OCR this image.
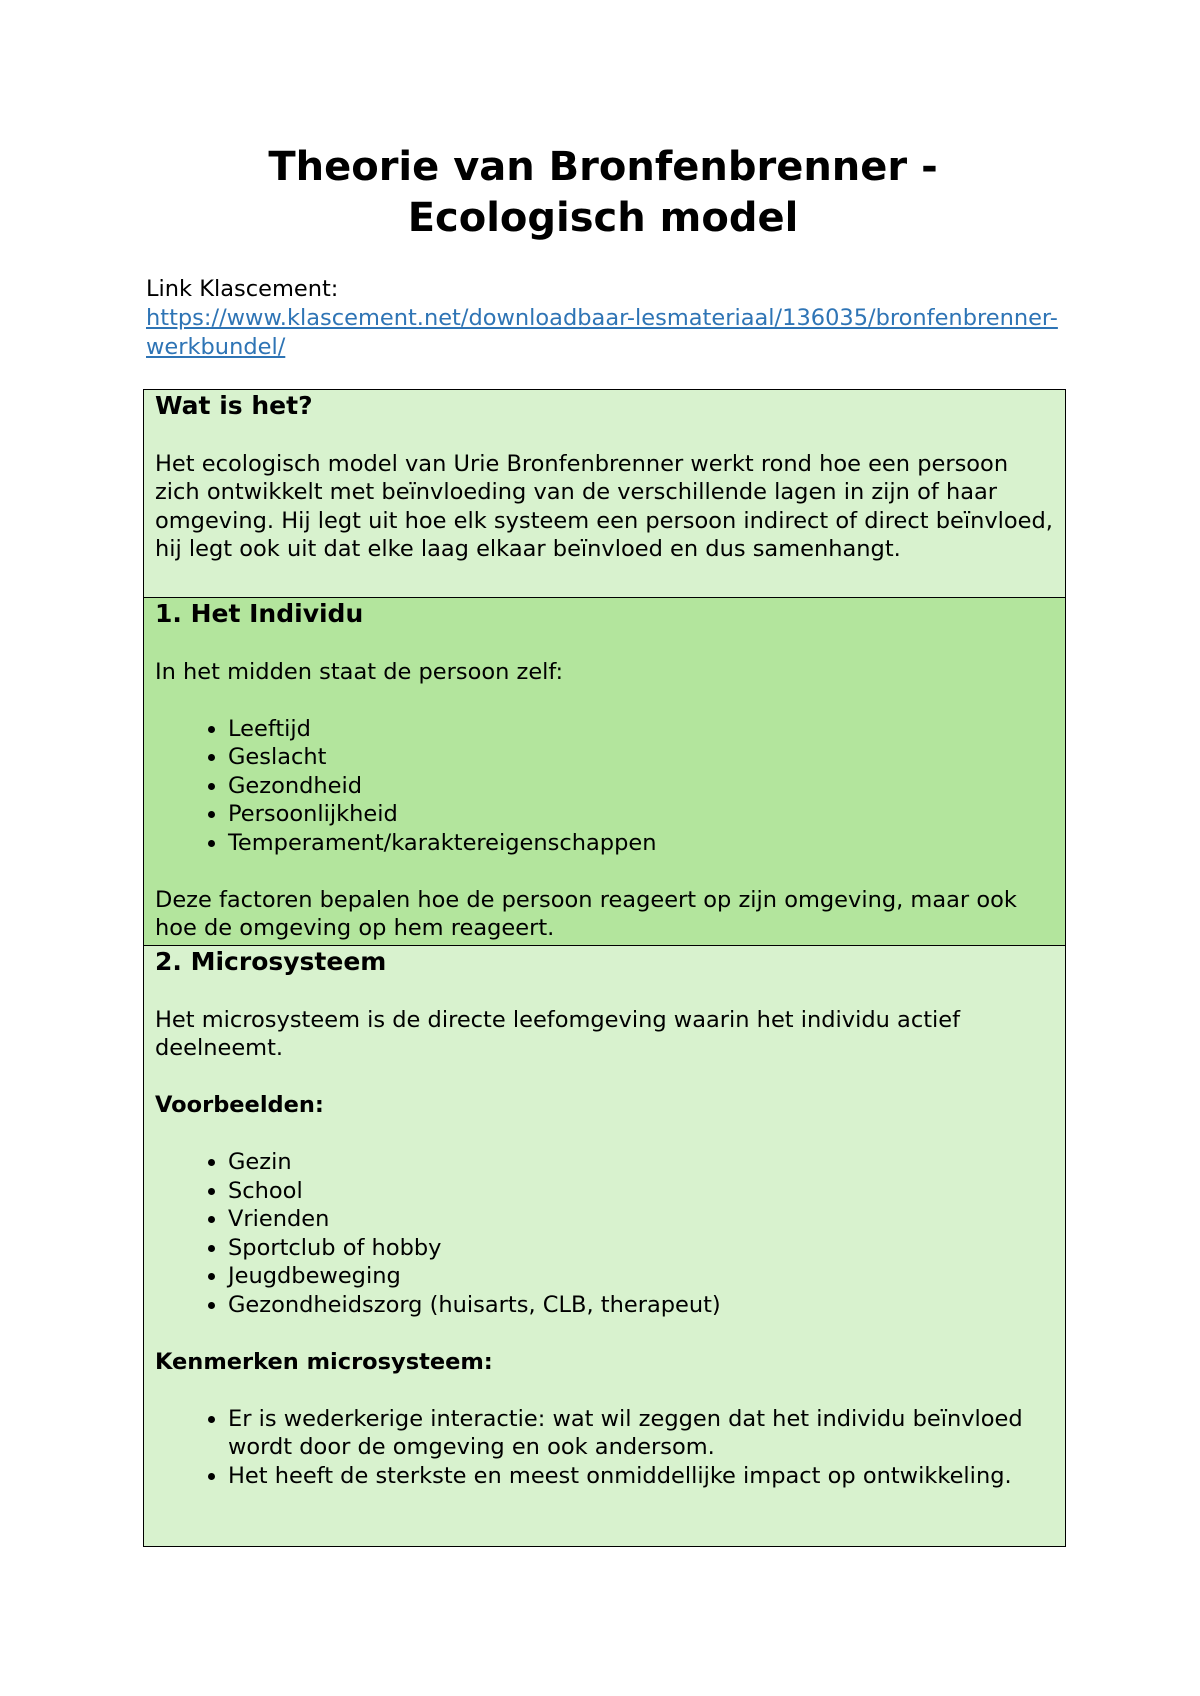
Theorie van Bronfenbrenner - Ecologisch model
Link Klascement:
https://www.klascement.net/downloadbaar-lesmateriaal/136035/bronfenbrenner-werkbundel/

Wat is het?

Het ecologisch model van Urie Bronfenbrenner werkt rond hoe een persoon zich ontwikkelt met beïnvloeding van de verschillende lagen in zijn of haar omgeving. Hij legt uit hoe elk systeem een persoon indirect of direct beïnvloed, hij legt ook uit dat elke laag elkaar beïnvloed en dus samenhangt.

1. Het Individu

In het midden staat de persoon zelf:

• Leeftijd
• Geslacht
• Gezondheid
• Persoonlijkheid
• Temperament/karaktereigenschappen

Deze factoren bepalen hoe de persoon reageert op zijn omgeving, maar ook hoe de omgeving op hem reageert.

2. Microsysteem

Het microsysteem is de directe leefomgeving waarin het individu actief deelneemt.

Voorbeelden:

• Gezin
• School
• Vrienden
• Sportclub of hobby
• Jeugdbeweging
• Gezondheidszorg (huisarts, CLB, therapeut)

Kenmerken microsysteem:

• Er is wederkerige interactie: wat wil zeggen dat het individu beïnvloed wordt door de omgeving en ook andersom.
• Het heeft de sterkste en meest onmiddellijke impact op ontwikkeling.
